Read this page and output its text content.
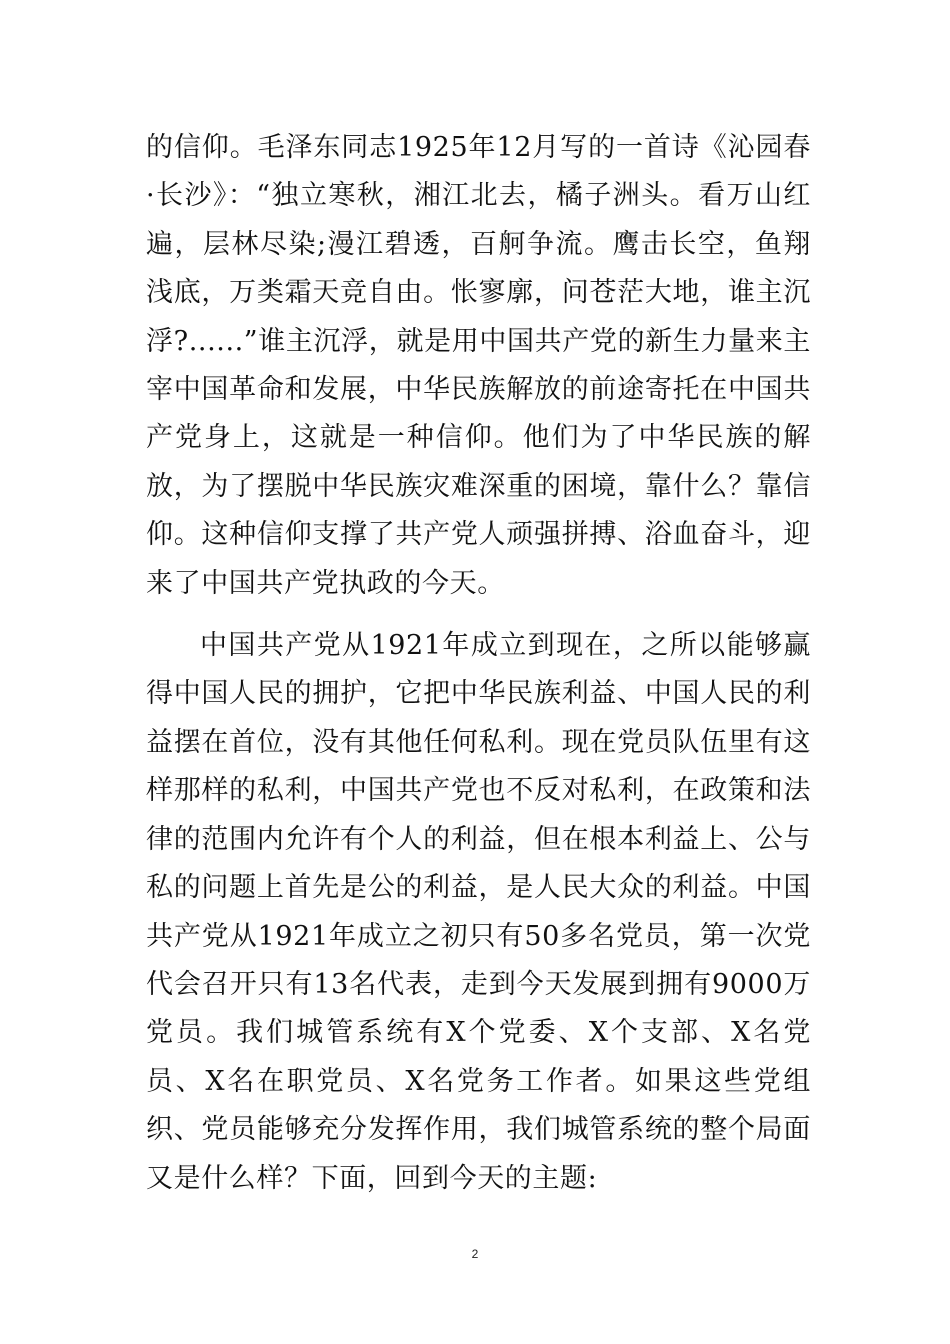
的信仰。毛泽东同志1925年12月写的一首诗《沁园春·长沙》：“独立寒秋，湘江北去，橘子洲头。看万山红遍，层林尽染;漫江碧透，百舸争流。鹰击长空，鱼翔浅底，万类霜天竞自由。怅寥廓，问苍茫大地，谁主沉浮?......”谁主沉浮，就是用中国共产党的新生力量来主宰中国革命和发展，中华民族解放的前途寄托在中国共产党身上，这就是一种信仰。他们为了中华民族的解放，为了摆脱中华民族灾难深重的困境，靠什么？靠信仰。这种信仰支撑了共产党人顽强拼搏、浴血奋斗，迎来了中国共产党执政的今天。

中国共产党从1921年成立到现在，之所以能够赢得中国人民的拥护，它把中华民族利益、中国人民的利益摆在首位，没有其他任何私利。现在党员队伍里有这样那样的私利，中国共产党也不反对私利，在政策和法律的范围内允许有个人的利益，但在根本利益上、公与私的问题上首先是公的利益，是人民大众的利益。中国共产党从1921年成立之初只有50多名党员，第一次党代会召开只有13名代表，走到今天发展到拥有9000万党员。我们城管系统有X个党委、X个支部、X名党员、X名在职党员、X名党务工作者。如果这些党组织、党员能够充分发挥作用，我们城管系统的整个局面又是什么样？下面，回到今天的主题:

2
